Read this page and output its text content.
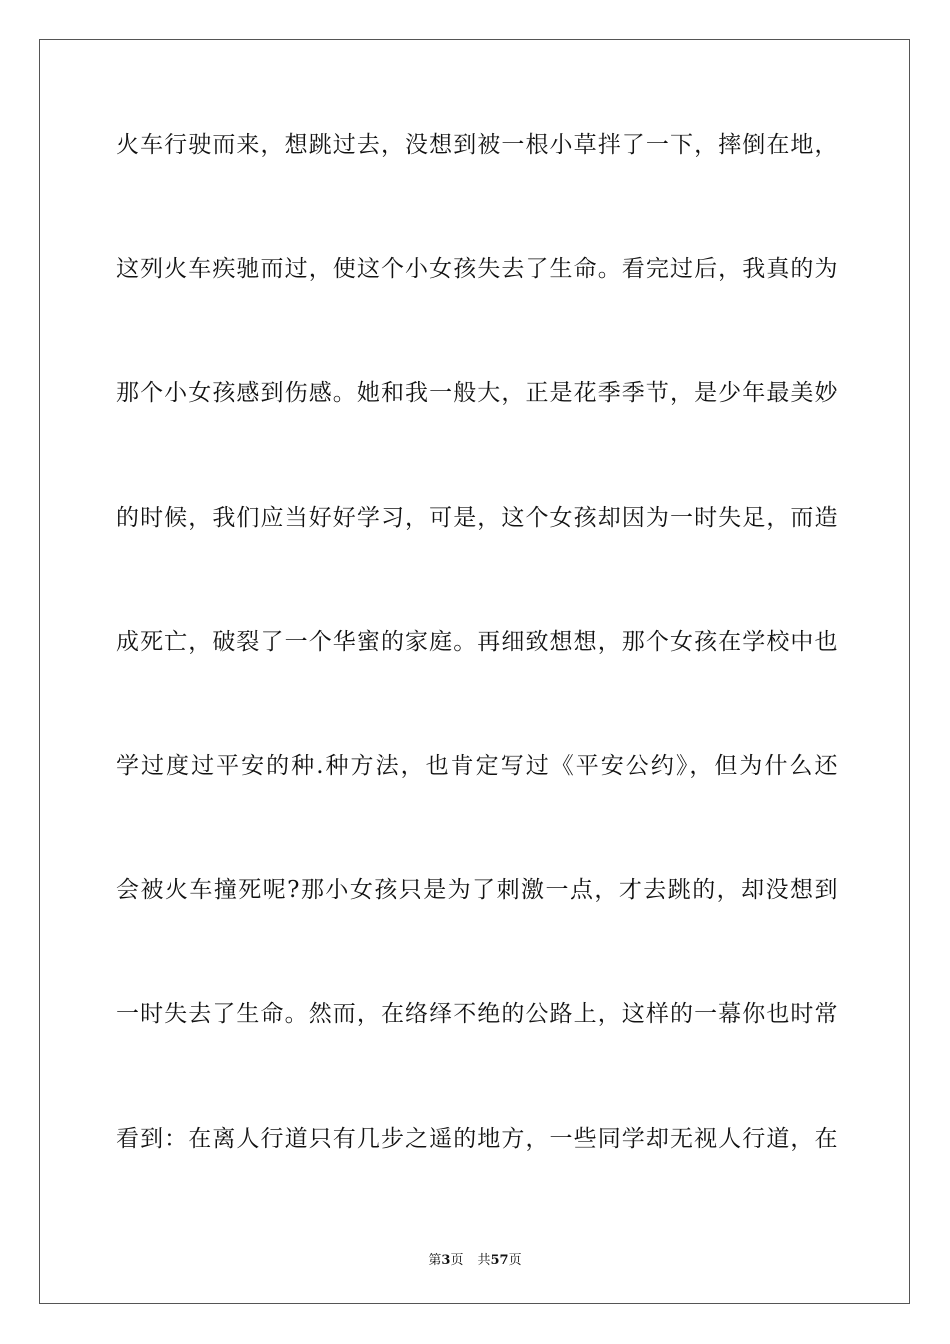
火车行驶而来，想跳过去，没想到被一根小草拌了一下，摔倒在地，
这列火车疾驰而过，使这个小女孩失去了生命。看完过后，我真的为
那个小女孩感到伤感。她和我一般大，正是花季季节，是少年最美妙
的时候，我们应当好好学习，可是，这个女孩却因为一时失足，而造
成死亡，破裂了一个华蜜的家庭。再细致想想，那个女孩在学校中也
学过度过平安的种.种方法，也肯定写过《平安公约》，但为什么还
会被火车撞死呢?那小女孩只是为了刺激一点，才去跳的，却没想到
一时失去了生命。然而，在络绎不绝的公路上，这样的一幕你也时常
看到：在离人行道只有几步之遥的地方，一些同学却无视人行道，在
第3页 共57页
